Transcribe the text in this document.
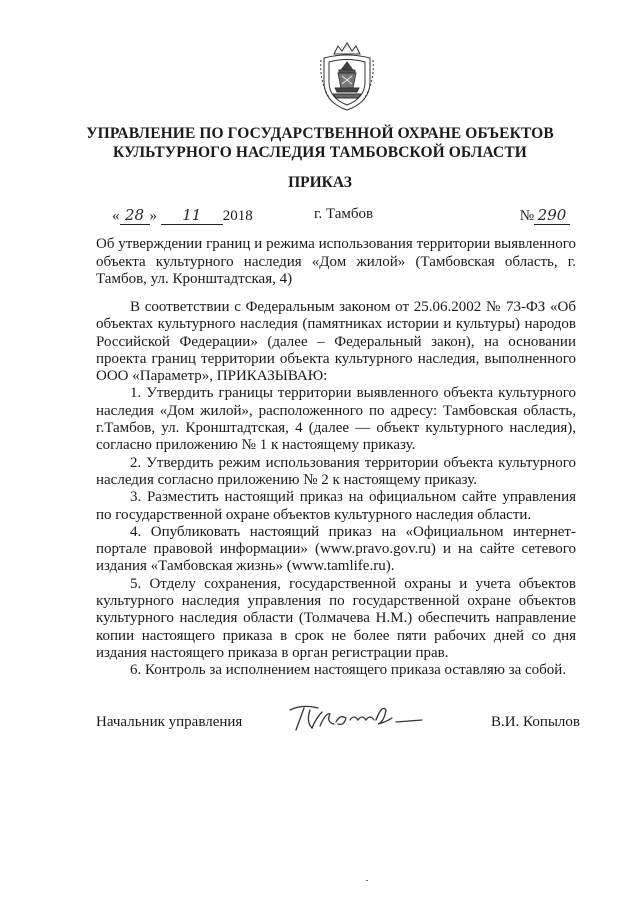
УПРАВЛЕНИЕ ПО ГОСУДАРСТВЕННОЙ ОХРАНЕ ОБЪЕКТОВ
КУЛЬТУРНОГО НАСЛЕДИЯ ТАМБОВСКОЙ ОБЛАСТИ
ПРИКАЗ
« 28 » 11 2018	г. Тамбов	№ 290
Об утверждении границ и режима использования территории выявленного объекта культурного наследия «Дом жилой» (Тамбовская область, г. Тамбов, ул. Кронштадтская, 4)

В соответствии с Федеральным законом от 25.06.2002 № 73-ФЗ «Об объектах культурного наследия (памятниках истории и культуры) народов Российской Федерации» (далее – Федеральный закон), на основании проекта границ территории объекта культурного наследия, выполненного ООО «Параметр», ПРИКАЗЫВАЮ:

1. Утвердить границы территории выявленного объекта культурного наследия «Дом жилой», расположенного по адресу: Тамбовская область, г.Тамбов, ул. Кронштадтская, 4 (далее — объект культурного наследия), согласно приложению № 1 к настоящему приказу.

2. Утвердить режим использования территории объекта культурного наследия согласно приложению № 2 к настоящему приказу.

3. Разместить настоящий приказ на официальном сайте управления по государственной охране объектов культурного наследия области.

4. Опубликовать настоящий приказ на «Официальном интернет-портале правовой информации» (www.pravo.gov.ru) и на сайте сетевого издания «Тамбовская жизнь» (www.tamlife.ru).

5. Отделу сохранения, государственной охраны и учета объектов культурного наследия управления по государственной охране объектов культурного наследия области (Толмачева Н.М.) обеспечить направление копии настоящего приказа в срок не более пяти рабочих дней со дня издания настоящего приказа в орган регистрации прав.

6. Контроль за исполнением настоящего приказа оставляю за собой.

Начальник управления	В.И. Копылов
